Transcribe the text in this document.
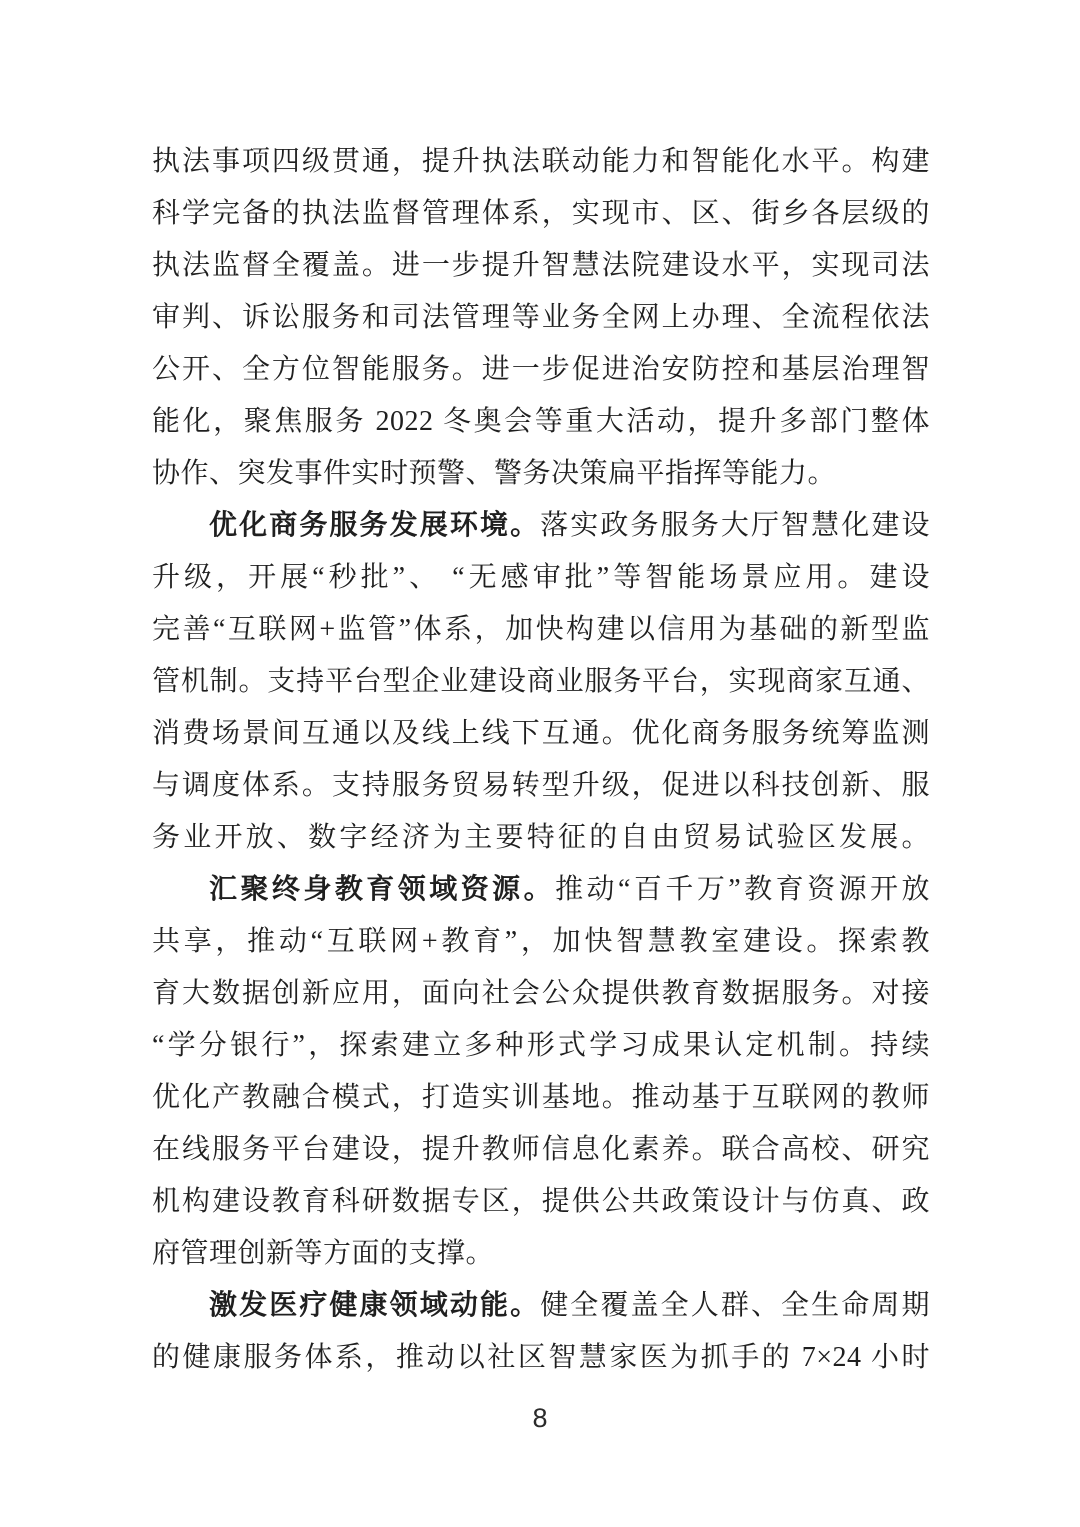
执法事项四级贯通，提升执法联动能力和智能化水平。构建
科学完备的执法监督管理体系，实现市、区、街乡各层级的
执法监督全覆盖。进一步提升智慧法院建设水平，实现司法
审判、诉讼服务和司法管理等业务全网上办理、全流程依法
公开、全方位智能服务。进一步促进治安防控和基层治理智
能化，聚焦服务 2022 冬奥会等重大活动，提升多部门整体
协作、突发事件实时预警、警务决策扁平指挥等能力。
优化商务服务发展环境。落实政务服务大厅智慧化建设
升级，开展“秒批”、 “无感审批”等智能场景应用。建设
完善“互联网+监管”体系，加快构建以信用为基础的新型监
管机制。支持平台型企业建设商业服务平台，实现商家互通、
消费场景间互通以及线上线下互通。优化商务服务统筹监测
与调度体系。支持服务贸易转型升级，促进以科技创新、服
务业开放、数字经济为主要特征的自由贸易试验区发展。
汇聚终身教育领域资源。推动“百千万”教育资源开放
共享，推动“互联网+教育”，加快智慧教室建设。探索教
育大数据创新应用，面向社会公众提供教育数据服务。对接
“学分银行”，探索建立多种形式学习成果认定机制。持续
优化产教融合模式，打造实训基地。推动基于互联网的教师
在线服务平台建设，提升教师信息化素养。联合高校、研究
机构建设教育科研数据专区，提供公共政策设计与仿真、政
府管理创新等方面的支撑。
激发医疗健康领域动能。健全覆盖全人群、全生命周期
的健康服务体系，推动以社区智慧家医为抓手的 7×24 小时
8
